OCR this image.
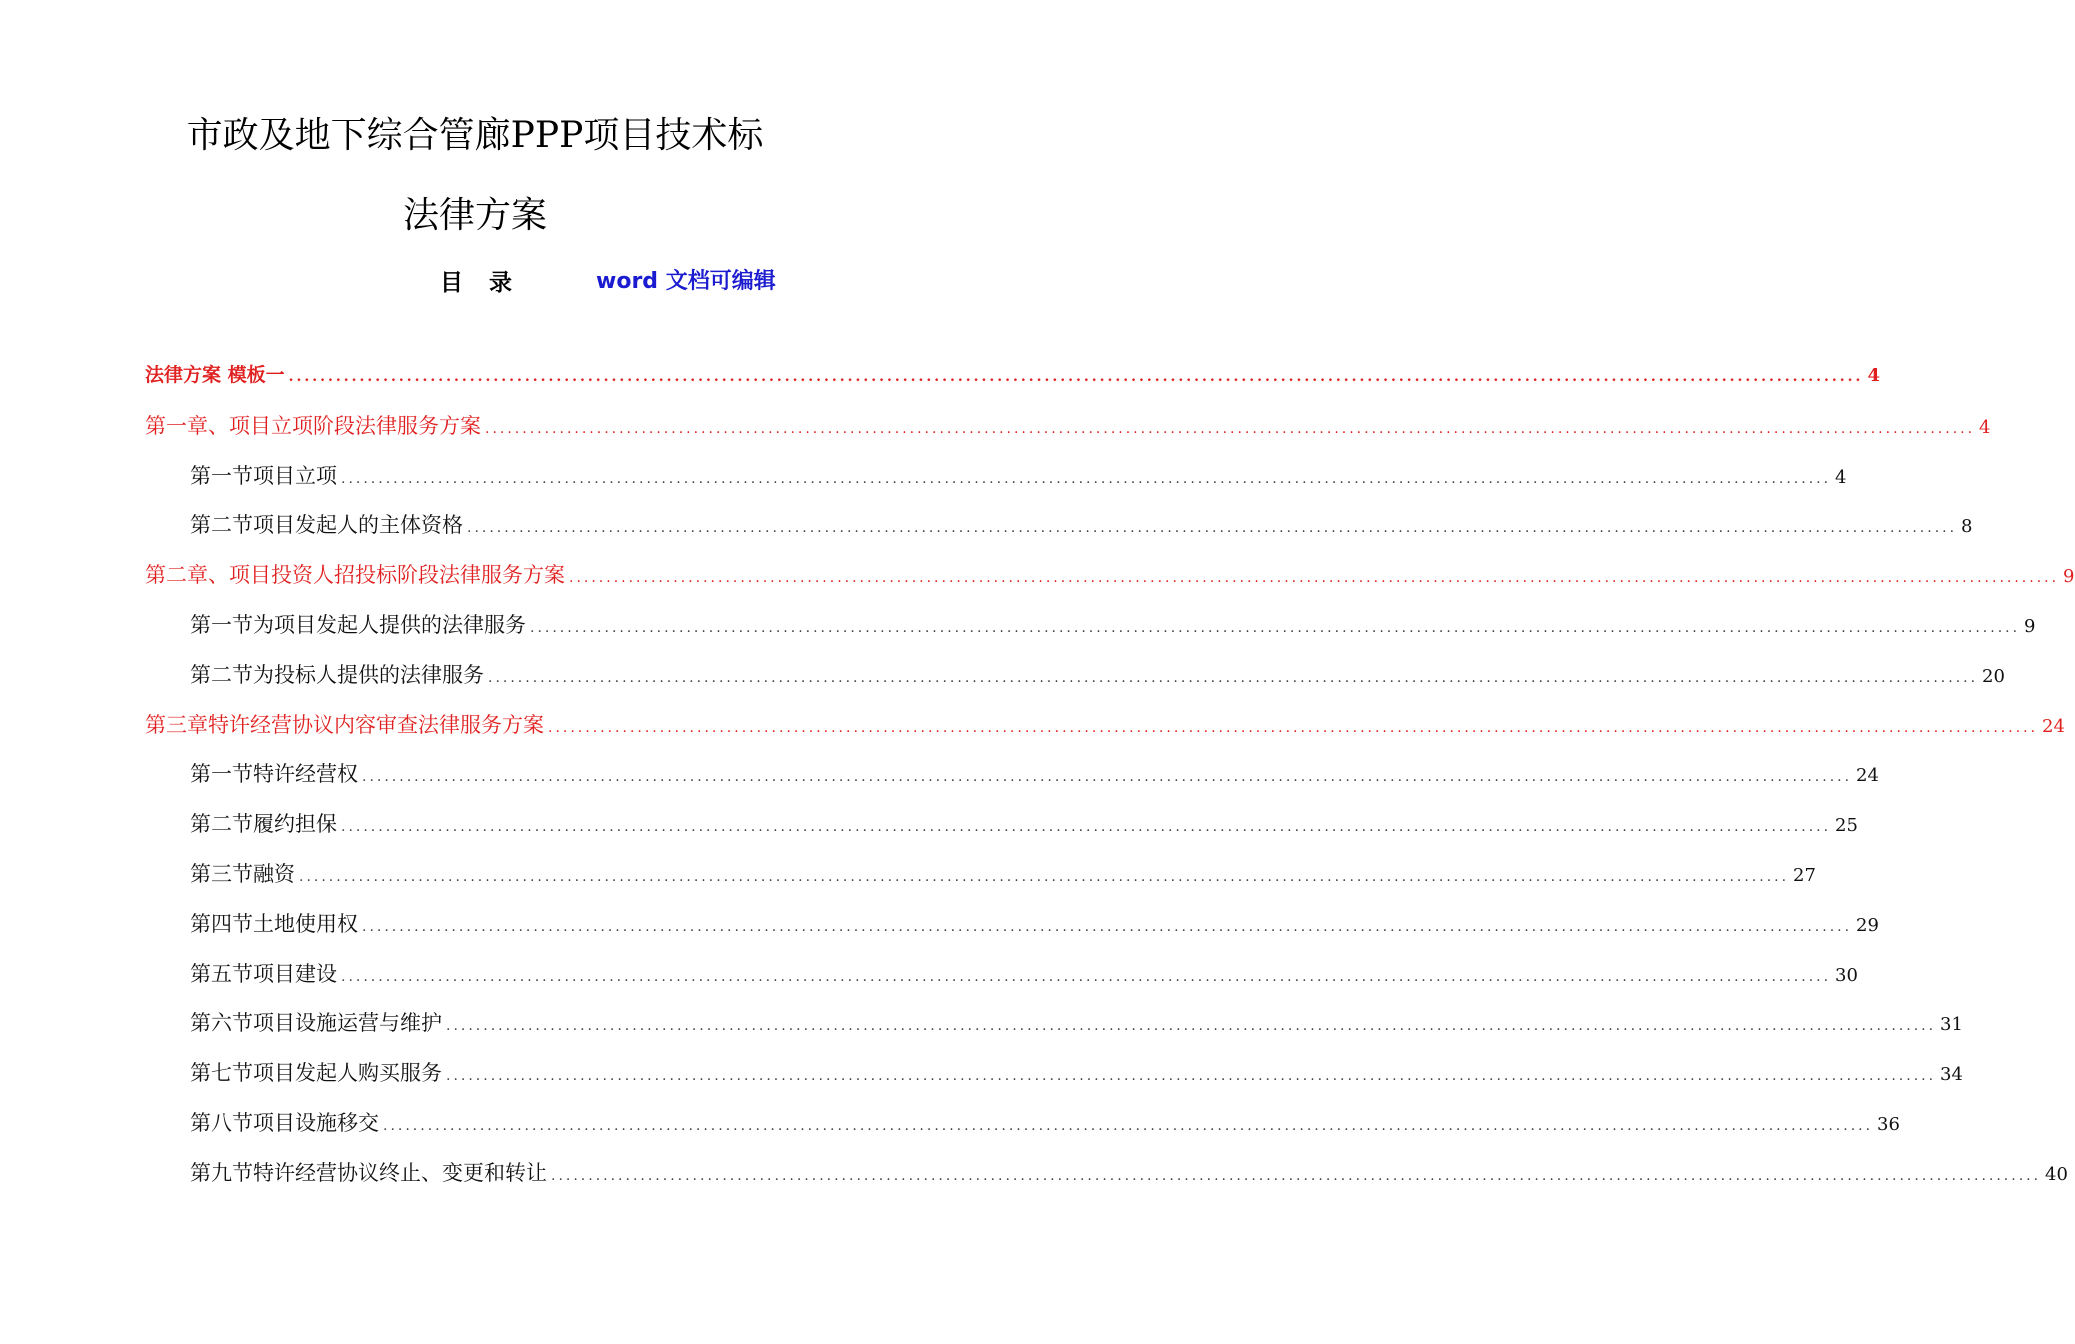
市政及地下综合管廊PPP项目技术标
法律方案
目录	word 文档可编辑
法律方案 模板一 ........................................................................................................................................................................................................ 4
第一章、项目立项阶段法律服务方案 ........................................................................................................................................................................................................ 4
第一节项目立项 ........................................................................................................................................................................................................ 4
第二节项目发起人的主体资格 ........................................................................................................................................................................................................ 8
第二章、项目投资人招投标阶段法律服务方案 ........................................................................................................................................................................................................ 9
第一节为项目发起人提供的法律服务 ........................................................................................................................................................................................................ 9
第二节为投标人提供的法律服务 ........................................................................................................................................................................................................ 20
第三章特许经营协议内容审查法律服务方案 ........................................................................................................................................................................................................ 24
第一节特许经营权 ........................................................................................................................................................................................................ 24
第二节履约担保 ........................................................................................................................................................................................................ 25
第三节融资 ........................................................................................................................................................................................................ 27
第四节土地使用权 ........................................................................................................................................................................................................ 29
第五节项目建设 ........................................................................................................................................................................................................ 30
第六节项目设施运营与维护 ........................................................................................................................................................................................................ 31
第七节项目发起人购买服务 ........................................................................................................................................................................................................ 34
第八节项目设施移交 ........................................................................................................................................................................................................ 36
第九节特许经营协议终止、变更和转让 ........................................................................................................................................................................................................ 40
